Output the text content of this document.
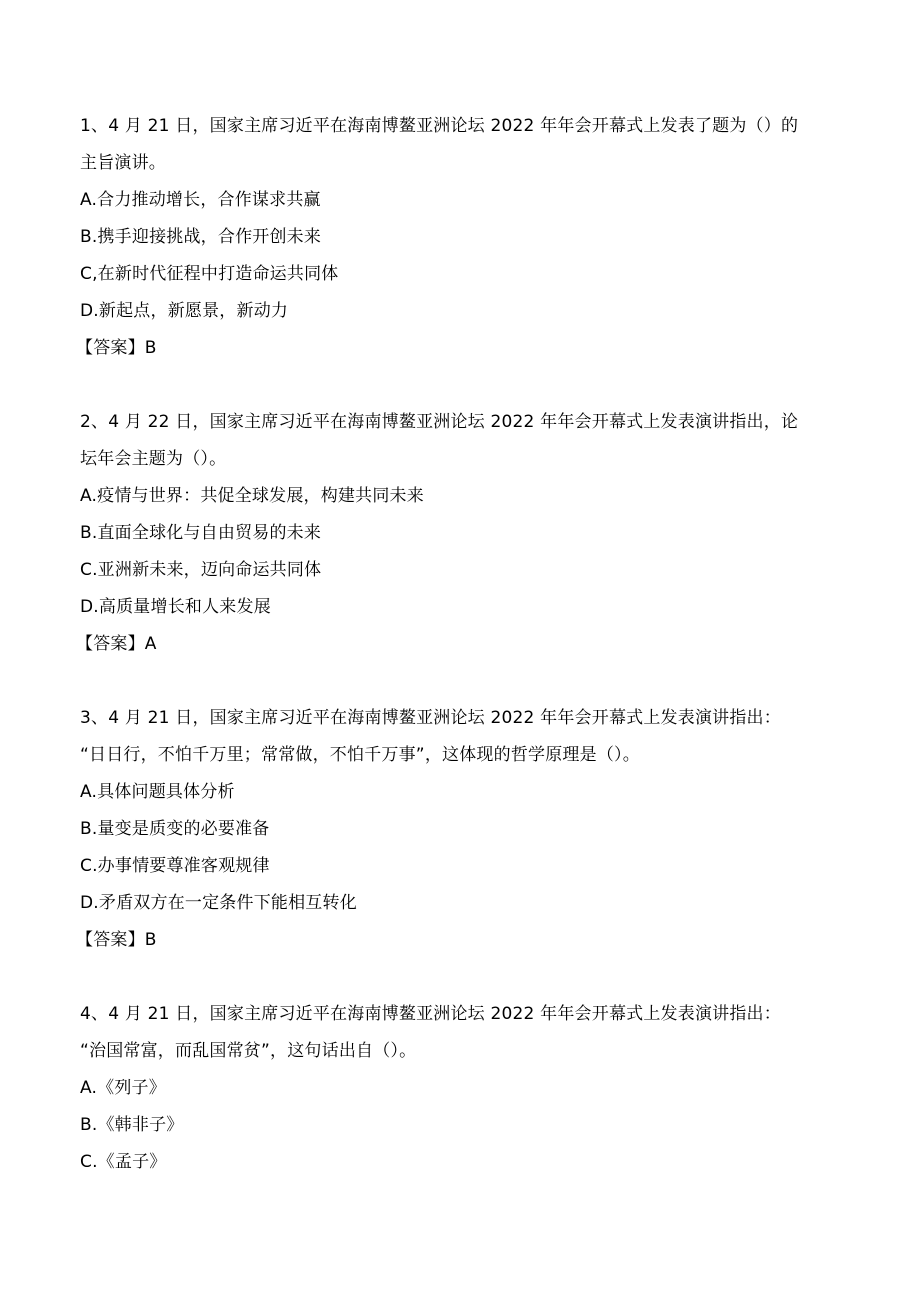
1、4 月 21 日，国家主席习近平在海南博鳌亚洲论坛 2022 年年会开幕式上发表了题为（）的
主旨演讲。
A.合力推动增长，合作谋求共赢
B.携手迎接挑战，合作开创未来
C,在新时代征程中打造命运共同体
D.新起点，新愿景，新动力
【答案】B
2、4 月 22 日，国家主席习近平在海南博鳌亚洲论坛 2022 年年会开幕式上发表演讲指出，论
坛年会主题为（）。
A.疫情与世界：共促全球发展，构建共同未来
B.直面全球化与自由贸易的未来
C.亚洲新未来，迈向命运共同体
D.高质量增长和人来发展
【答案】A
3、4 月 21 日，国家主席习近平在海南博鳌亚洲论坛 2022 年年会开幕式上发表演讲指出：
“日日行，不怕千万里；常常做，不怕千万事”，这体现的哲学原理是（）。
A.具体问题具体分析
B.量变是质变的必要准备
C.办事情要尊准客观规律
D.矛盾双方在一定条件下能相互转化
【答案】B
4、4 月 21 日，国家主席习近平在海南博鳌亚洲论坛 2022 年年会开幕式上发表演讲指出：
“治国常富，而乱国常贫”，这句话出自（）。
A.《列子》
B.《韩非子》
C.《孟子》
